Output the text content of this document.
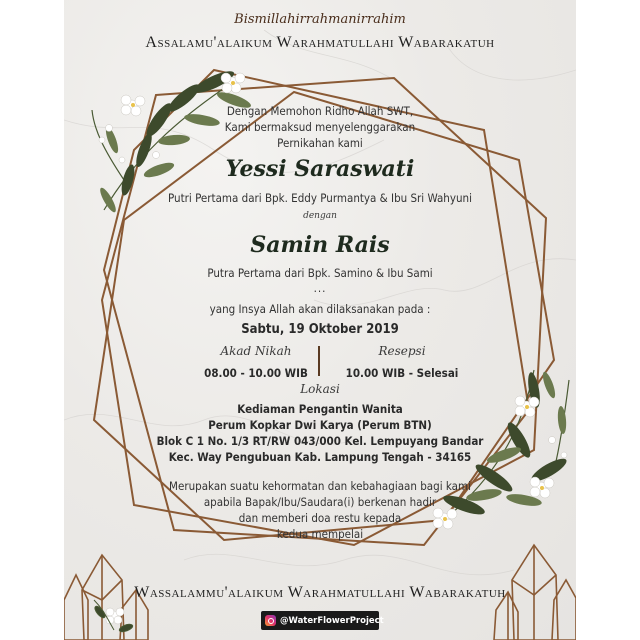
Bismillahirrahmanirrahim
Assalamu'alaikum Warahmatullahi Wabarakatuh
Dengan Memohon Ridho Allah SWT,
Kami bermaksud menyelenggarakan
Pernikahan kami
Yessi Saraswati
Putri Pertama dari Bpk. Eddy Purmantya & Ibu Sri Wahyuni
dengan
Samin Rais
Putra Pertama dari Bpk. Samino & Ibu Sami
...
yang Insya Allah akan dilaksanakan pada :
Sabtu, 19 Oktober 2019
Akad Nikah
08.00 - 10.00 WIB
Resepsi
10.00 WIB - Selesai
Lokasi
Kediaman Pengantin Wanita
Perum Kopkar Dwi Karya (Perum BTN)
Blok C 1 No. 1/3 RT/RW 043/000 Kel. Lempuyang Bandar
Kec. Way Pengubuan Kab. Lampung Tengah - 34165
Merupakan suatu kehormatan dan kebahagiaan bagi kami
apabila Bapak/Ibu/Saudara(i) berkenan hadir
dan memberi doa restu kepada
kedua mempelai
Wassalammu'alaikum Warahmatullahi Wabarakatuh
@WaterFlowerProject
